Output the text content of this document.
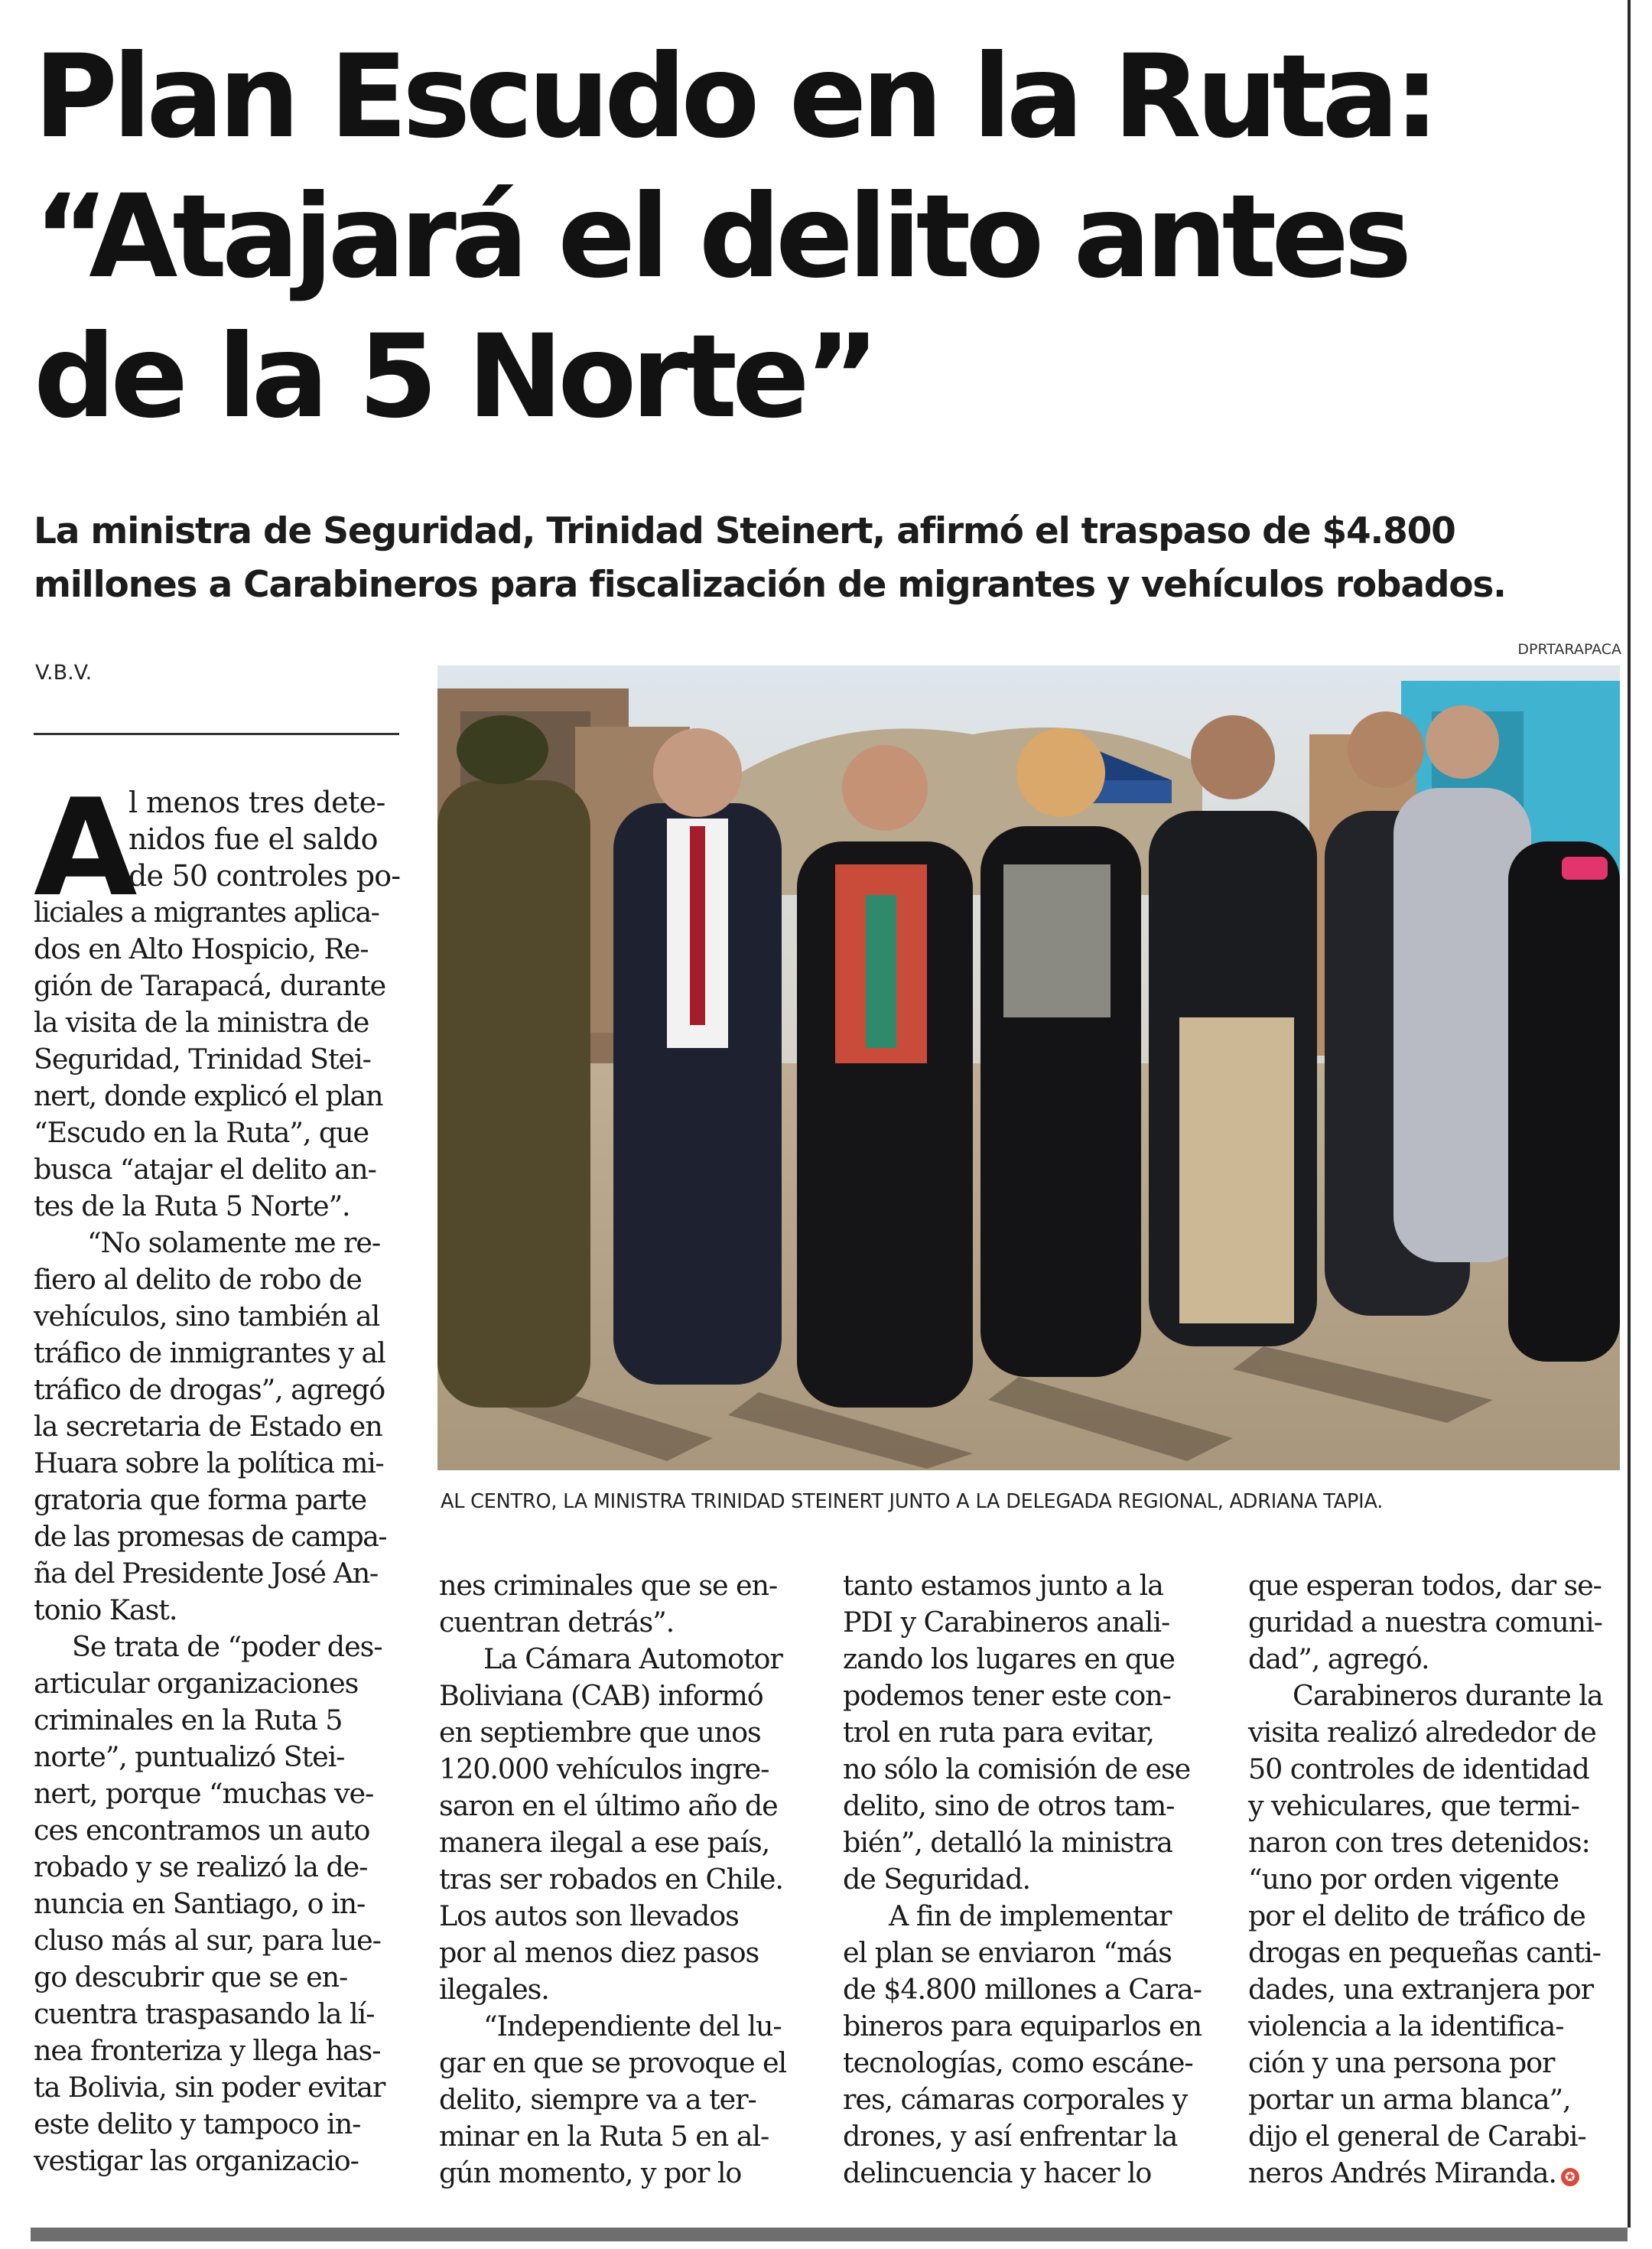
Plan Escudo en la Ruta:
“Atajará el delito antes
de la 5 Norte”

La ministra de Seguridad, Trinidad Steinert, afirmó el traspaso de $4.800
millones a Carabineros para fiscalización de migrantes y vehículos robados.

V.B.V.
DPRTARAPACA
AL CENTRO, LA MINISTRA TRINIDAD STEINERT JUNTO A LA DELEGADA REGIONAL, ADRIANA TAPIA.
A
l menos tres dete-
nidos fue el saldo
de 50 controles po-
liciales a migrantes aplica-
dos en Alto Hospicio, Re-
gión de Tarapacá, durante
la visita de la ministra de
Seguridad, Trinidad Stei-
nert, donde explicó el plan
“Escudo en la Ruta”, que
busca “atajar el delito an-
tes de la Ruta 5 Norte”.
“No solamente me re-
fiero al delito de robo de
vehículos, sino también al
tráfico de inmigrantes y al
tráfico de drogas”, agregó
la secretaria de Estado en
Huara sobre la política mi-
gratoria que forma parte
de las promesas de campa-
ña del Presidente José An-
tonio Kast.
Se trata de “poder des-
articular organizaciones
criminales en la Ruta 5
norte”, puntualizó Stei-
nert, porque “muchas ve-
ces encontramos un auto
robado y se realizó la de-
nuncia en Santiago, o in-
cluso más al sur, para lue-
go descubrir que se en-
cuentra traspasando la lí-
nea fronteriza y llega has-
ta Bolivia, sin poder evitar
este delito y tampoco in-
vestigar las organizacio-
nes criminales que se en-
cuentran detrás”.
La Cámara Automotor
Boliviana (CAB) informó
en septiembre que unos
120.000 vehículos ingre-
saron en el último año de
manera ilegal a ese país,
tras ser robados en Chile.
Los autos son llevados
por al menos diez pasos
ilegales.
“Independiente del lu-
gar en que se provoque el
delito, siempre va a ter-
minar en la Ruta 5 en al-
gún momento, y por lo
tanto estamos junto a la
PDI y Carabineros anali-
zando los lugares en que
podemos tener este con-
trol en ruta para evitar,
no sólo la comisión de ese
delito, sino de otros tam-
bién”, detalló la ministra
de Seguridad.
A fin de implementar
el plan se enviaron “más
de $4.800 millones a Cara-
bineros para equiparlos en
tecnologías, como escáne-
res, cámaras corporales y
drones, y así enfrentar la
delincuencia y hacer lo
que esperan todos, dar se-
guridad a nuestra comuni-
dad”, agregó.
Carabineros durante la
visita realizó alrededor de
50 controles de identidad
y vehiculares, que termi-
naron con tres detenidos:
“uno por orden vigente
por el delito de tráfico de
drogas en pequeñas canti-
dades, una extranjera por
violencia a la identifica-
ción y una persona por
portar un arma blanca”,
dijo el general de Carabi-
neros Andrés Miranda. ✪
